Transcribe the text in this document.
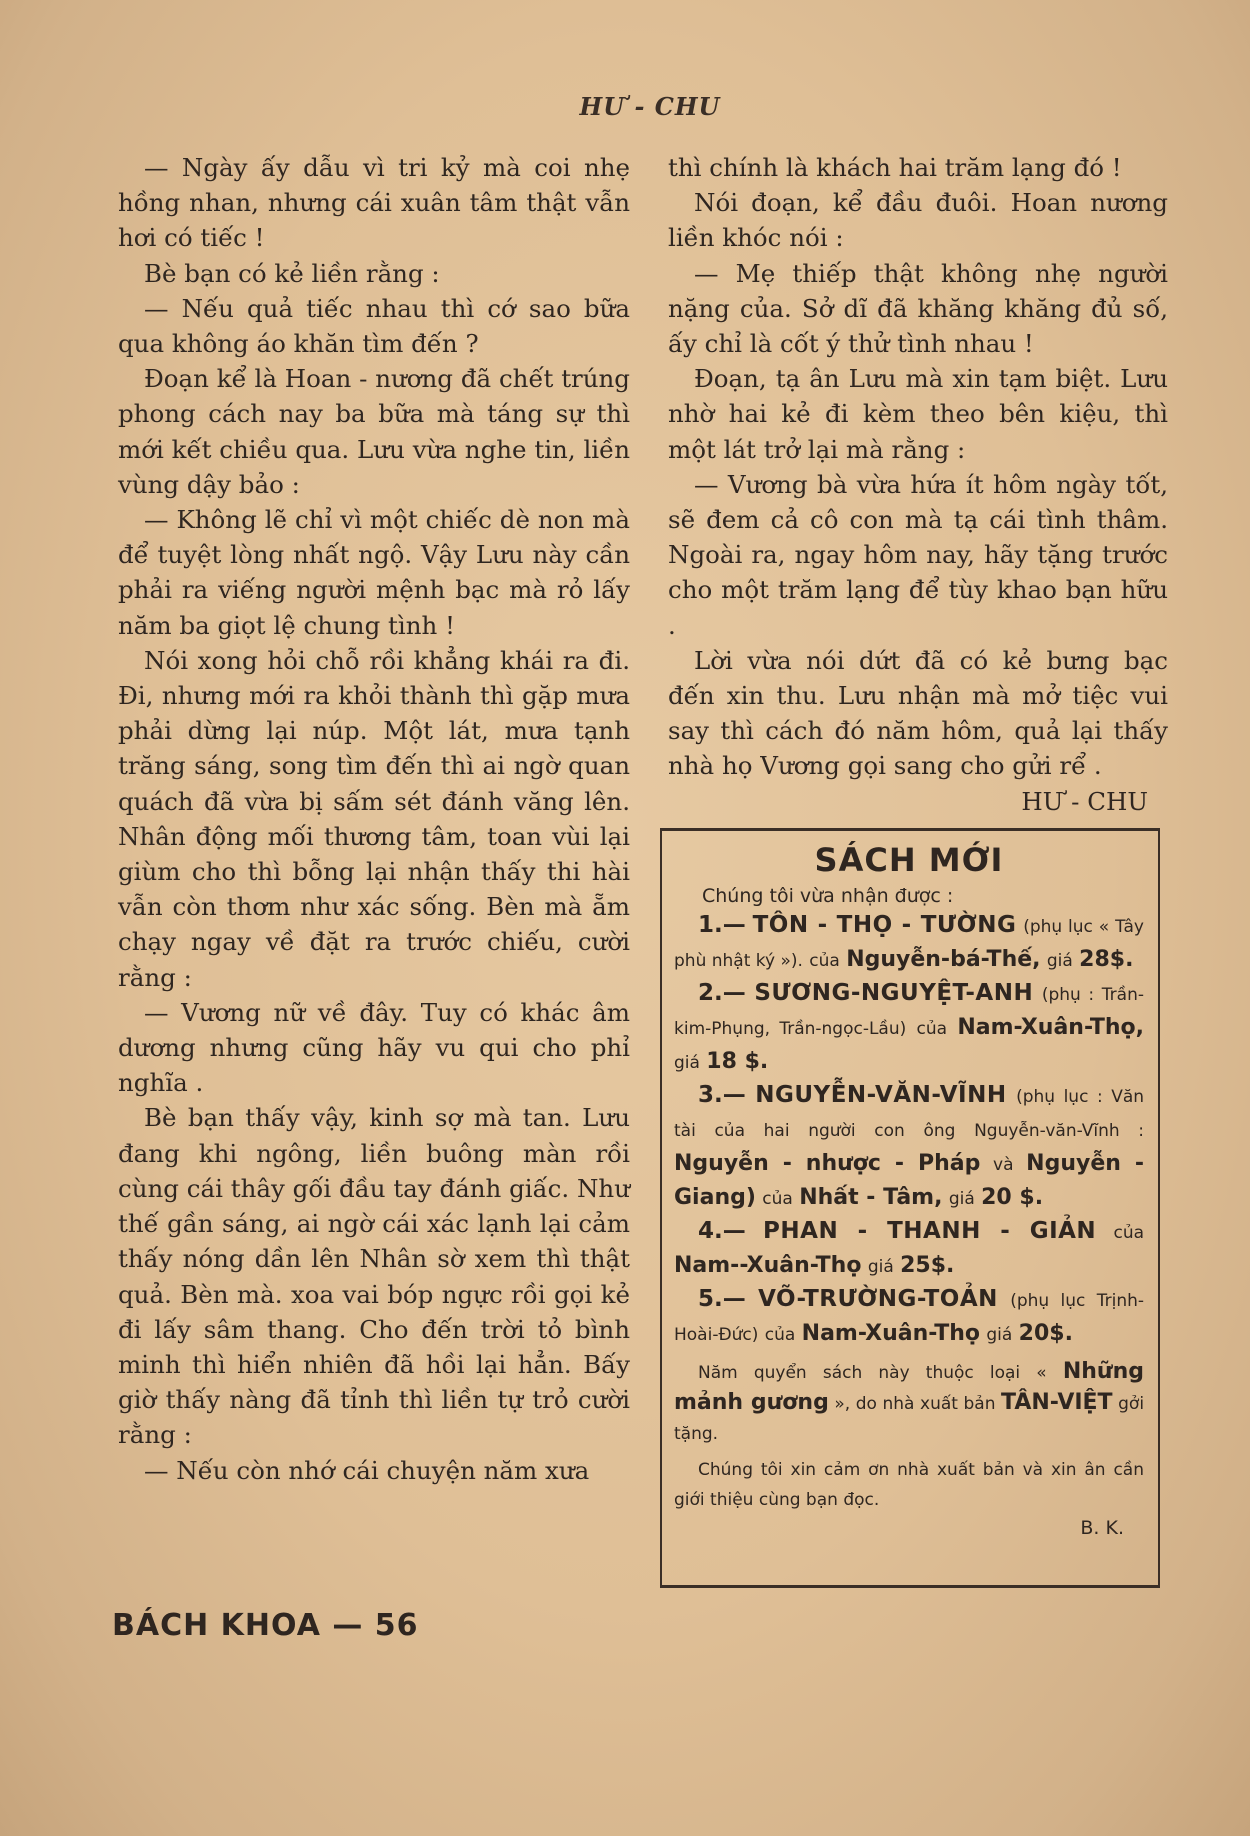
HƯ - CHU

— Ngày ấy dẫu vì tri kỷ mà coi nhẹ hồng nhan, nhưng cái xuân tâm thật vẫn hơi có tiếc !

Bè bạn có kẻ liền rằng :

— Nếu quả tiếc nhau thì cớ sao bữa qua không áo khăn tìm đến ?

Đoạn kể là Hoan - nương đã chết trúng phong cách nay ba bữa mà táng sự thì mới kết chiều qua. Lưu vừa nghe tin, liền vùng dậy bảo :

— Không lẽ chỉ vì một chiếc dè non mà để tuyệt lòng nhất ngộ. Vậy Lưu này cần phải ra viếng người mệnh bạc mà rỏ lấy năm ba giọt lệ chung tình !

Nói xong hỏi chỗ rồi khẳng khái ra đi. Đi, nhưng mới ra khỏi thành thì gặp mưa phải dừng lại núp. Một lát, mưa tạnh trăng sáng, song tìm đến thì ai ngờ quan quách đã vừa bị sấm sét đánh văng lên. Nhân động mối thương tâm, toan vùi lại giùm cho thì bỗng lại nhận thấy thi hài vẫn còn thơm như xác sống. Bèn mà ẵm chạy ngay về đặt ra trước chiếu, cười rằng :

— Vương nữ về đây. Tuy có khác âm dương nhưng cũng hãy vu qui cho phỉ nghĩa .

Bè bạn thấy vậy, kinh sợ mà tan. Lưu đang khi ngông, liền buông màn rồi cùng cái thây gối đầu tay đánh giấc. Như thế gần sáng, ai ngờ cái xác lạnh lại cảm thấy nóng dần lên Nhân sờ xem thì thật quả. Bèn mà. xoa vai bóp ngực rồi gọi kẻ đi lấy sâm thang. Cho đến trời tỏ bình minh thì hiển nhiên đã hồi lại hẳn. Bấy giờ thấy nàng đã tỉnh thì liền tự trỏ cười rằng :

— Nếu còn nhớ cái chuyện năm xưa

thì chính là khách hai trăm lạng đó !

Nói đoạn, kể đầu đuôi. Hoan nương liền khóc nói :

— Mẹ thiếp thật không nhẹ người nặng của. Sở dĩ đã khăng khăng đủ số, ấy chỉ là cốt ý thử tình nhau !

Đoạn, tạ ân Lưu mà xin tạm biệt. Lưu nhờ hai kẻ đi kèm theo bên kiệu, thì một lát trở lại mà rằng :

— Vương bà vừa hứa ít hôm ngày tốt, sẽ đem cả cô con mà tạ cái tình thâm. Ngoài ra, ngay hôm nay, hãy tặng trước cho một trăm lạng để tùy khao bạn hữu .

Lời vừa nói dứt đã có kẻ bưng bạc đến xin thu. Lưu nhận mà mở tiệc vui say thì cách đó năm hôm, quả lại thấy nhà họ Vương gọi sang cho gửi rể .

HƯ - CHU
SÁCH MỚI
Chúng tôi vừa nhận được :

1.— TÔN - THỌ - TƯỜNG (phụ lục « Tây phù nhật ký »). của Nguyễn-bá-Thế, giá 28$.

2.— SƯƠNG-NGUYỆT-ANH (phụ : Trần-kim-Phụng, Trần-ngọc-Lầu) của Nam-Xuân-Thọ, giá 18 $.

3.— NGUYỄN-VĂN-VĨNH (phụ lục : Văn tài của hai người con ông Nguyễn-văn-Vĩnh : Nguyễn - nhược - Pháp và Nguyễn - Giang) của Nhất - Tâm, giá 20 $.

4.— PHAN - THANH - GIẢN của Nam--Xuân-Thọ giá 25$.

5.— VÕ-TRƯỜNG-TOẢN (phụ lục Trịnh-Hoài-Đức) của Nam-Xuân-Thọ giá 20$.

Năm quyển sách này thuộc loại « Những mảnh gương », do nhà xuất bản TÂN-VIỆT gởi tặng.

Chúng tôi xin cảm ơn nhà xuất bản và xin ân cần giới thiệu cùng bạn đọc.

B. K.
BÁCH KHOA — 56
